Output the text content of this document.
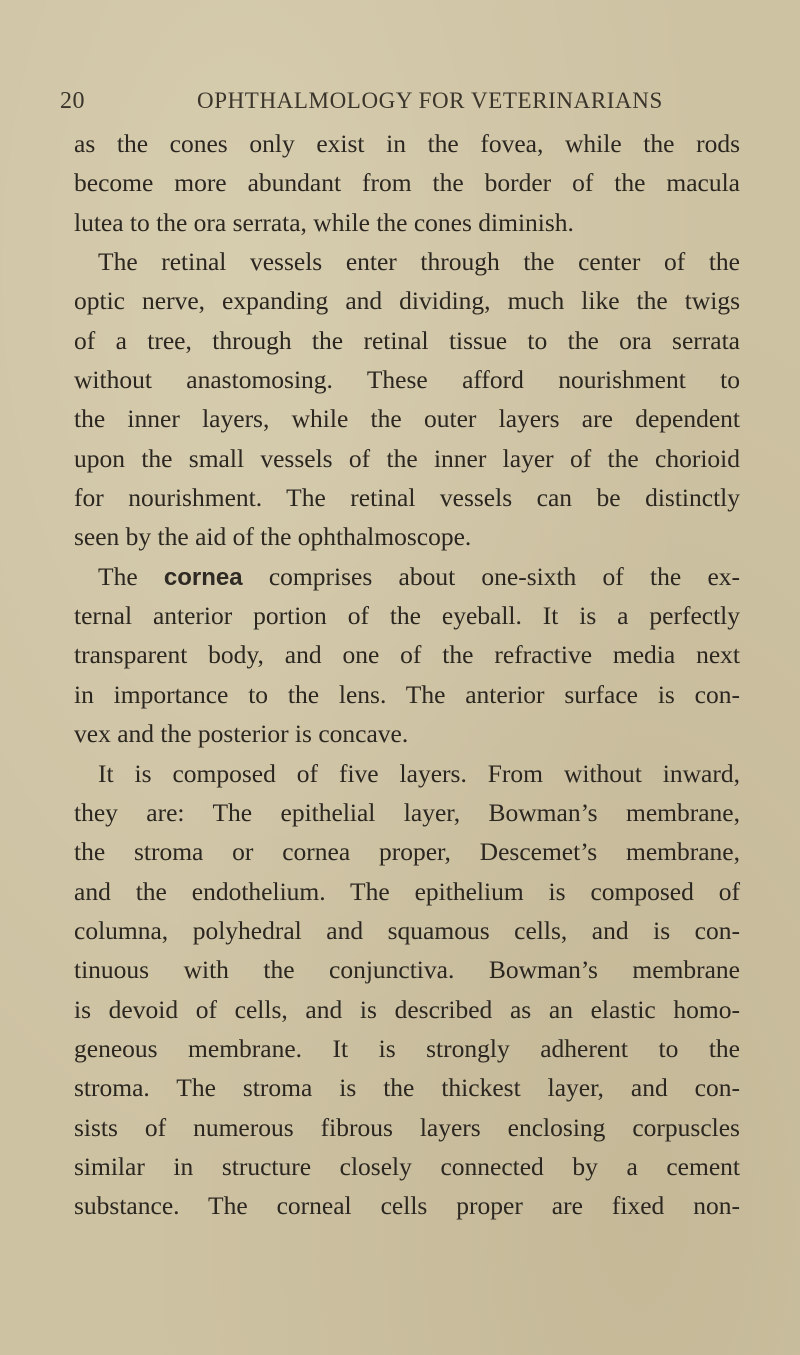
20	OPHTHALMOLOGY FOR VETERINARIANS
as the cones only exist in the fovea, while the rods
become more abundant from the border of the macula
lutea to the ora serrata, while the cones diminish.
The retinal vessels enter through the center of the
optic nerve, expanding and dividing, much like the twigs
of a tree, through the retinal tissue to the ora serrata
without anastomosing. These afford nourishment to
the inner layers, while the outer layers are dependent
upon the small vessels of the inner layer of the chorioid
for nourishment. The retinal vessels can be distinctly
seen by the aid of the ophthalmoscope.
The cornea comprises about one-sixth of the ex-
ternal anterior portion of the eyeball. It is a perfectly
transparent body, and one of the refractive media next
in importance to the lens. The anterior surface is con-
vex and the posterior is concave.
It is composed of five layers. From without inward,
they are: The epithelial layer, Bowman’s membrane,
the stroma or cornea proper, Descemet’s membrane,
and the endothelium. The epithelium is composed of
columna, polyhedral and squamous cells, and is con-
tinuous with the conjunctiva. Bowman’s membrane
is devoid of cells, and is described as an elastic homo-
geneous membrane. It is strongly adherent to the
stroma. The stroma is the thickest layer, and con-
sists of numerous fibrous layers enclosing corpuscles
similar in structure closely connected by a cement
substance. The corneal cells proper are fixed non-
